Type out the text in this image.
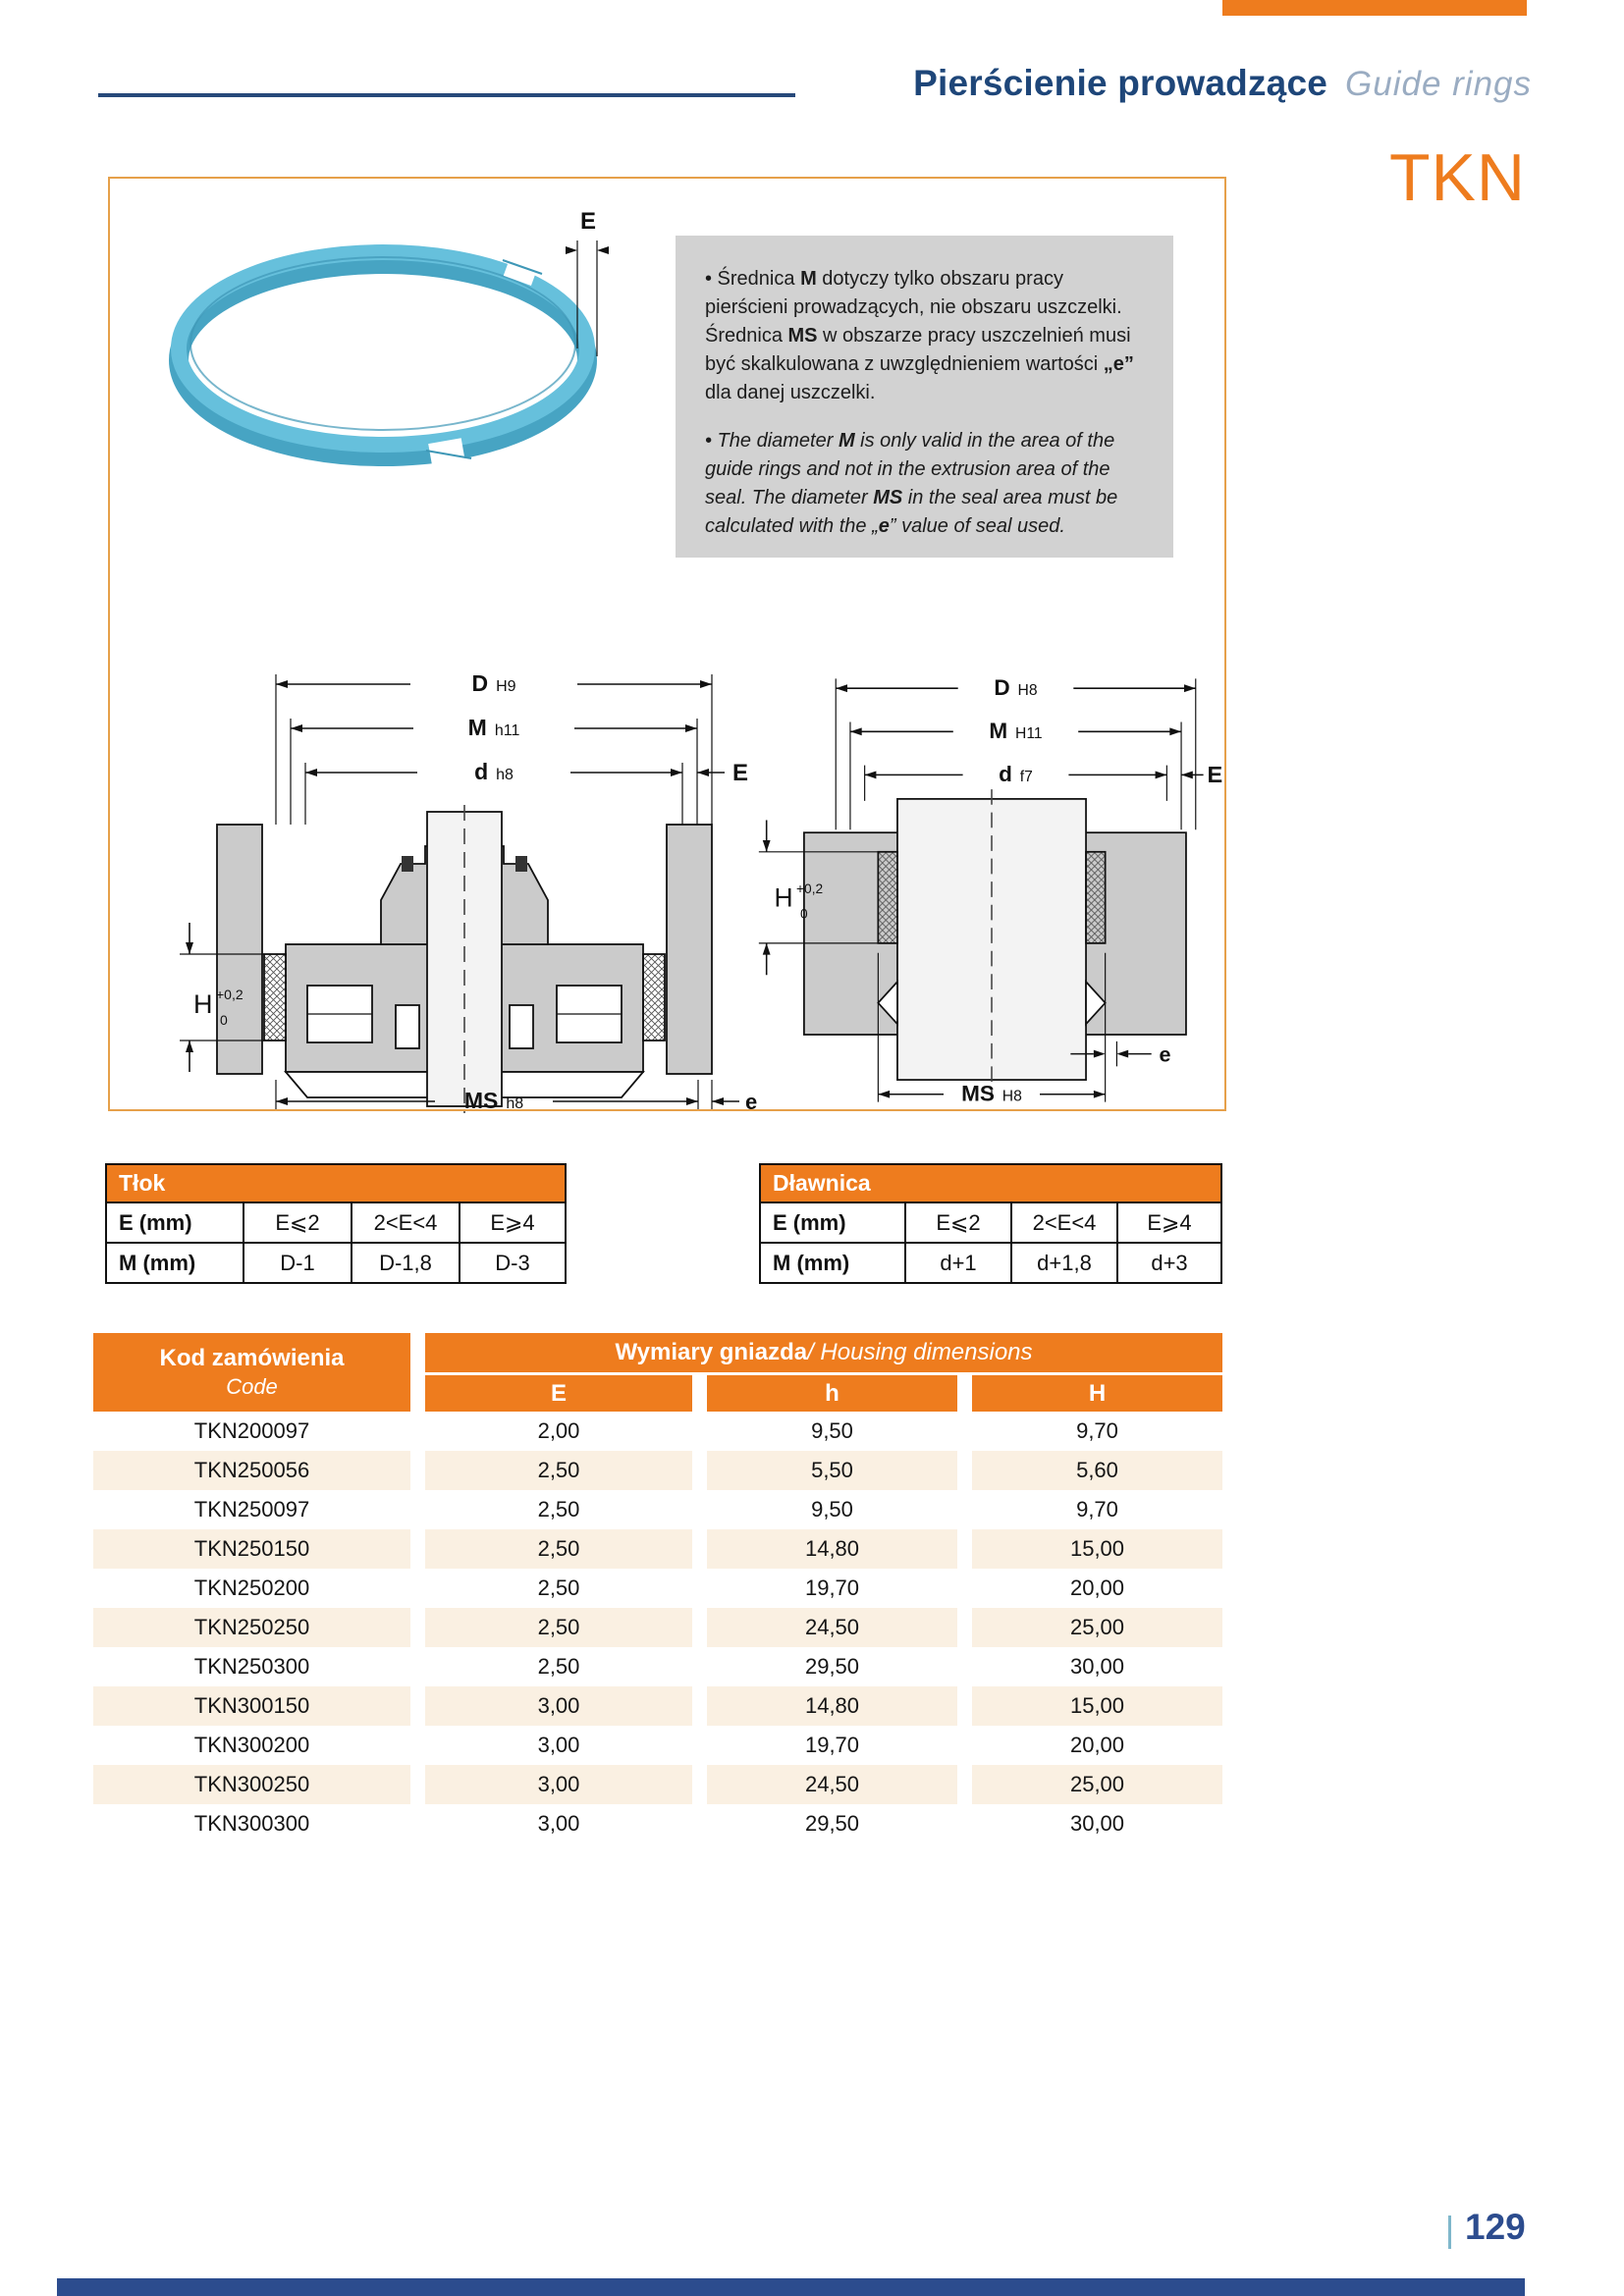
Pierścienie prowadzące Guide rings
TKN
E
• Średnica M dotyczy tylko obszaru pracy pierścieni prowadzących, nie obszaru uszczelki. Średnica MS w obszarze pracy uszczelnień musi być skalkulowana z uwzględnieniem wartości „e” dla danej uszczelki.
• The diameter M is only valid in the area of the guide rings and not in the extrusion area of the seal. The diameter MS in the seal area must be calculated with the „e” value of seal used.
D H9
M h11
d h8	E
H +0,2
0
MS h8	e
D H8
M H11
d f7	E
H +0,2
0
MS H8
e
Tłok
E (mm)	E⩽2	2<E<4	E⩾4
M (mm)	D-1	D-1,8	D-3
Dławnica
E (mm)	E⩽2	2<E<4	E⩾4
M (mm)	d+1	d+1,8	d+3
Kod zamówienia
Code
Wymiary gniazda / Housing dimensions
E	h	H
TKN200097	2,00	9,50	9,70
TKN250056	2,50	5,50	5,60
TKN250097	2,50	9,50	9,70
TKN250150	2,50	14,80	15,00
TKN250200	2,50	19,70	20,00
TKN250250	2,50	24,50	25,00
TKN250300	2,50	29,50	30,00
TKN300150	3,00	14,80	15,00
TKN300200	3,00	19,70	20,00
TKN300250	3,00	24,50	25,00
TKN300300	3,00	29,50	30,00
129
